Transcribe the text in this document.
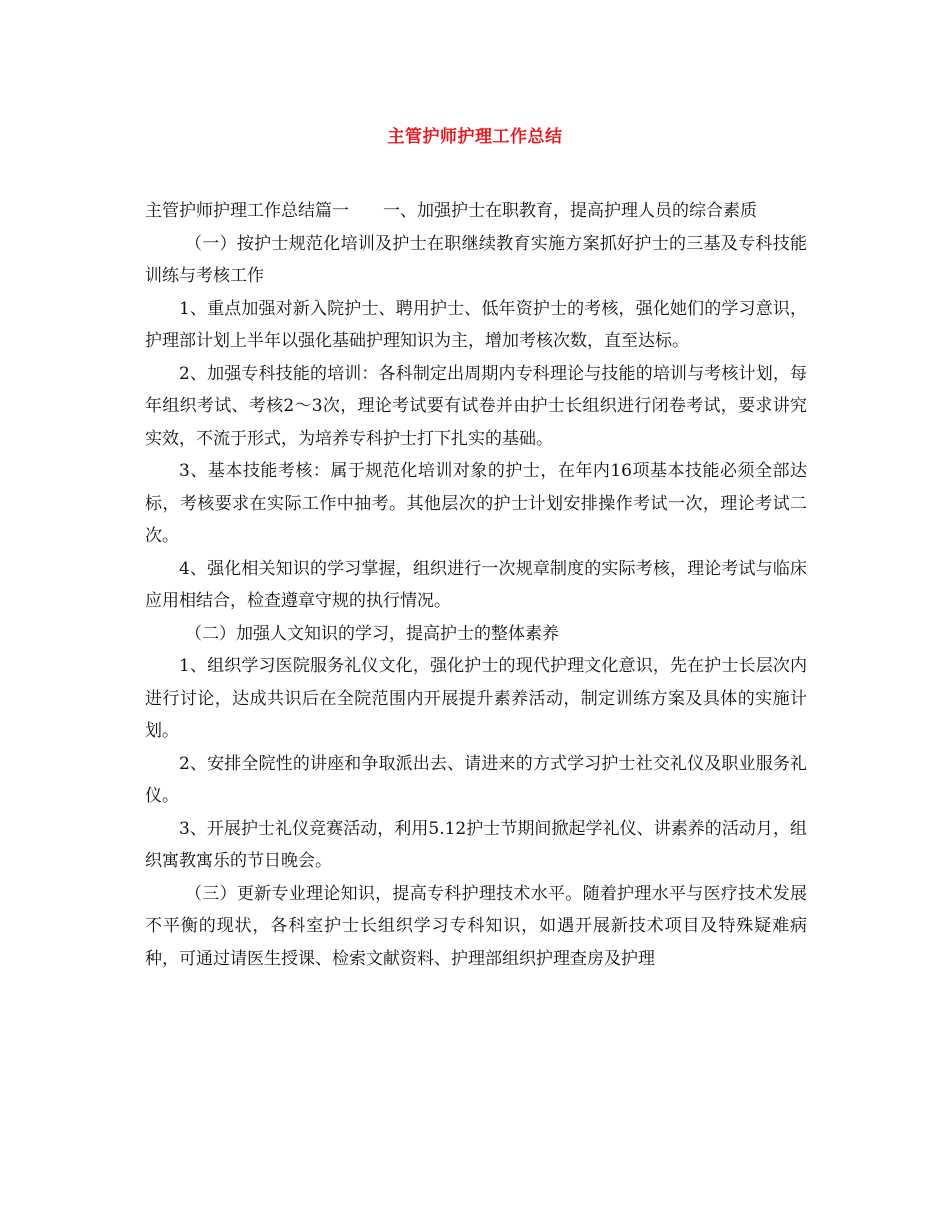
主管护师护理工作总结

主管护师护理工作总结篇一　　一、加强护士在职教育，提高护理人员的综合素质

（一）按护士规范化培训及护士在职继续教育实施方案抓好护士的三基及专科技能训练与考核工作

1、重点加强对新入院护士、聘用护士、低年资护士的考核，强化她们的学习意识，护理部计划上半年以强化基础护理知识为主，增加考核次数，直至达标。

2、加强专科技能的培训：各科制定出周期内专科理论与技能的培训与考核计划，每年组织考试、考核2～3次，理论考试要有试卷并由护士长组织进行闭卷考试，要求讲究实效，不流于形式，为培养专科护士打下扎实的基础。

3、基本技能考核：属于规范化培训对象的护士，在年内16项基本技能必须全部达标，考核要求在实际工作中抽考。其他层次的护士计划安排操作考试一次，理论考试二次。

4、强化相关知识的学习掌握，组织进行一次规章制度的实际考核，理论考试与临床应用相结合，检查遵章守规的执行情况。

（二）加强人文知识的学习，提高护士的整体素养

1、组织学习医院服务礼仪文化，强化护士的现代护理文化意识，先在护士长层次内进行讨论，达成共识后在全院范围内开展提升素养活动，制定训练方案及具体的实施计划。

2、安排全院性的讲座和争取派出去、请进来的方式学习护士社交礼仪及职业服务礼仪。

3、开展护士礼仪竞赛活动，利用5.12护士节期间掀起学礼仪、讲素养的活动月，组织寓教寓乐的节日晚会。

（三）更新专业理论知识，提高专科护理技术水平。随着护理水平与医疗技术发展不平衡的现状，各科室护士长组织学习专科知识，如遇开展新技术项目及特殊疑难病种，可通过请医生授课、检索文献资料、护理部组织护理查房及护理
